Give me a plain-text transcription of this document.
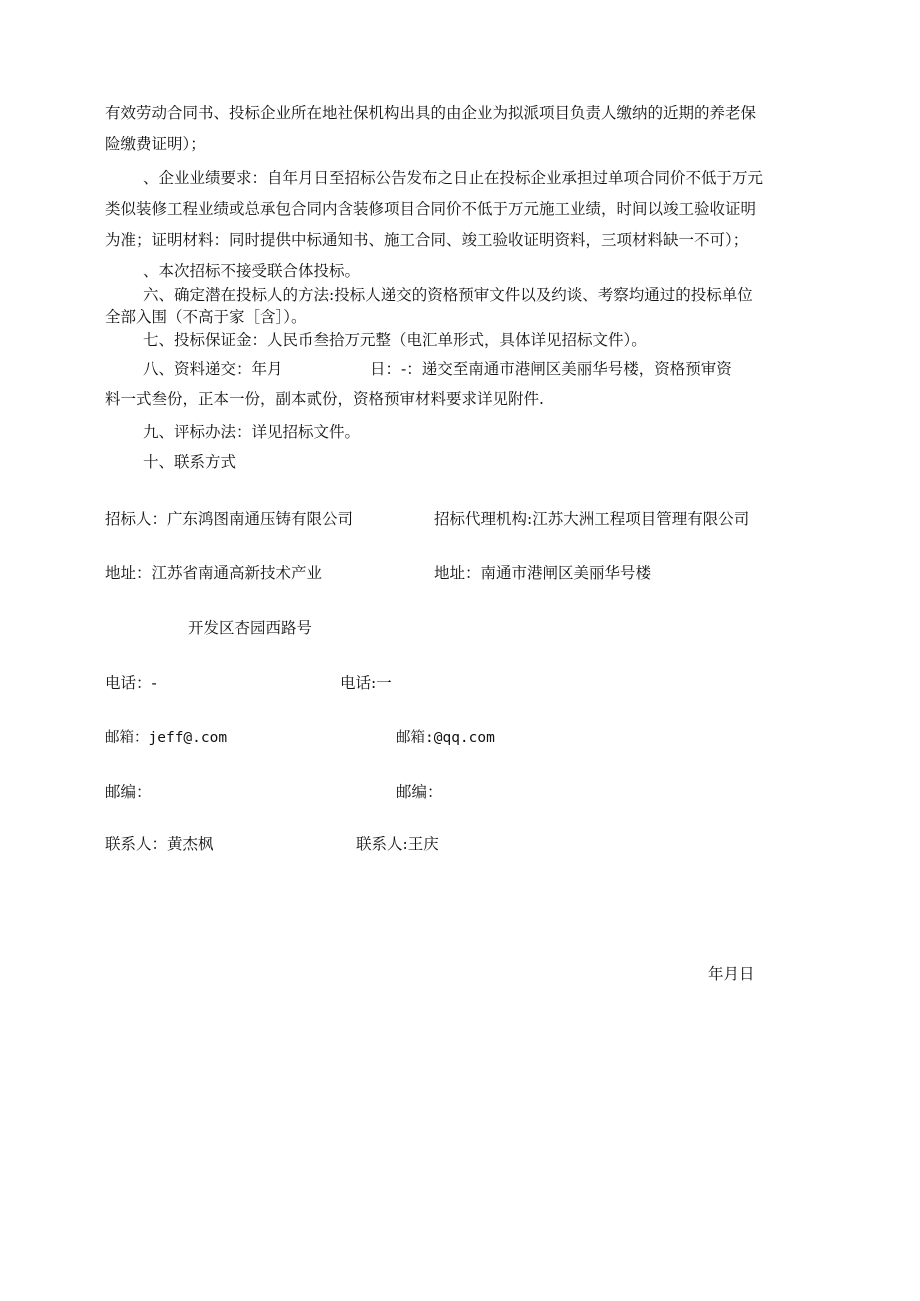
有效劳动合同书、投标企业所在地社保机构出具的由企业为拟派项目负责人缴纳的近期的养老保
险缴费证明）；
、企业业绩要求：自年月日至招标公告发布之日止在投标企业承担过单项合同价不低于万元
类似装修工程业绩或总承包合同内含装修项目合同价不低于万元施工业绩，时间以竣工验收证明
为准；证明材料：同时提供中标通知书、施工合同、竣工验收证明资料，三项材料缺一不可）；
、本次招标不接受联合体投标。
六、确定潜在投标人的方法:投标人递交的资格预审文件以及约谈、考察均通过的投标单位
全部入围（不高于家［含］）。
七、投标保证金：人民币叁拾万元整（电汇单形式，具体详见招标文件）。
八、资料递交：年月	日：-：递交至南通市港闸区美丽华号楼，资格预审资
料一式叁份，正本一份，副本贰份，资格预审材料要求详见附件.
九、评标办法：详见招标文件。
十、联系方式
招标人：广东鸿图南通压铸有限公司
地址：江苏省南通高新技术产业
开发区杏园西路号
电话：-
邮箱：jeff@.com
邮编：
联系人：黄杰枫
招标代理机构:江苏大洲工程项目管理有限公司
地址：南通市港闸区美丽华号楼
电话:一
邮箱:@qq.com
邮编：
联系人:王庆
年月日
